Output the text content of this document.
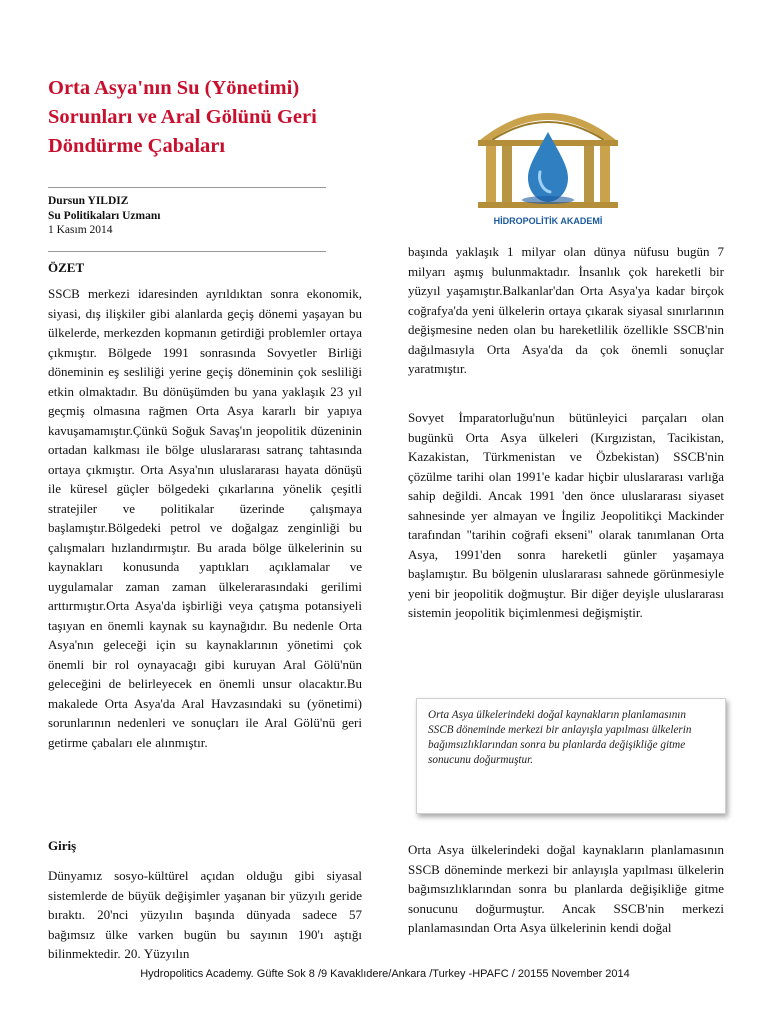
Orta Asya'nın Su (Yönetimi) Sorunları ve Aral Gölünü Geri Döndürme Çabaları
HİDROPOLİTİK AKADEMİ
Dursun YILDIZ
Su Politikaları Uzmanı
1 Kasım 2014
ÖZET

SSCB merkezi idaresinden ayrıldıktan sonra ekonomik, siyasi, dış ilişkiler gibi alanlarda geçiş dönemi yaşayan bu ülkelerde, merkezden kopmanın getirdiği problemler ortaya çıkmıştır. Bölgede 1991 sonrasında Sovyetler Birliği döneminin eş sesliliği yerine geçiş döneminin çok sesliliği etkin olmaktadır. Bu dönüşümden bu yana yaklaşık 23 yıl geçmiş olmasına rağmen Orta Asya kararlı bir yapıya kavuşamamıştır.Çünkü Soğuk Savaş'ın jeopolitik düzeninin ortadan kalkması ile bölge uluslararası satranç tahtasında ortaya çıkmıştır. Orta Asya'nın uluslararası hayata dönüşü ile küresel güçler bölgedeki çıkarlarına yönelik çeşitli stratejiler ve politikalar üzerinde çalışmaya başlamıştır.Bölgedeki petrol ve doğalgaz zenginliği bu çalışmaları hızlandırmıştır. Bu arada bölge ülkelerinin su kaynakları konusunda yaptıkları açıklamalar ve uygulamalar zaman zaman ülkelerarasındaki gerilimi arttırmıştır.Orta Asya'da işbirliği veya çatışma potansiyeli taşıyan en önemli kaynak su kaynağıdır. Bu nedenle Orta Asya'nın geleceği için su kaynaklarının yönetimi çok önemli bir rol oynayacağı gibi kuruyan Aral Gölü'nün geleceğini de belirleyecek en önemli unsur olacaktır.Bu makalede Orta Asya'da Aral Havzasındaki su (yönetimi) sorunlarının nedenleri ve sonuçları ile Aral Gölü'nü geri getirme çabaları ele alınmıştır.

Giriş

Dünyamız sosyo-kültürel açıdan olduğu gibi siyasal sistemlerde de büyük değişimler yaşanan bir yüzyılı geride bıraktı. 20'nci yüzyılın başında dünyada sadece 57 bağımsız ülke varken bugün bu sayının 190'ı aştığı bilinmektedir. 20. Yüzyılın

başında yaklaşık 1 milyar olan dünya nüfusu bugün 7 milyarı aşmış bulunmaktadır. İnsanlık çok hareketli bir yüzyıl yaşamıştır.Balkanlar'dan Orta Asya'ya kadar birçok coğrafya'da yeni ülkelerin ortaya çıkarak siyasal sınırlarının değişmesine neden olan bu hareketlilik özellikle SSCB'nin dağılmasıyla Orta Asya'da da çok önemli sonuçlar yaratmıştır.

Sovyet İmparatorluğu'nun bütünleyici parçaları olan bugünkü Orta Asya ülkeleri (Kırgızistan, Tacikistan, Kazakistan, Türkmenistan ve Özbekistan) SSCB'nin çözülme tarihi olan 1991'e kadar hiçbir uluslararası varlığa sahip değildi. Ancak 1991 'den önce uluslararası siyaset sahnesinde yer almayan ve İngiliz Jeopolitikçi Mackinder tarafından "tarihin coğrafi ekseni" olarak tanımlanan Orta Asya, 1991'den sonra hareketli günler yaşamaya başlamıştır. Bu bölgenin uluslararası sahnede görünmesiyle yeni bir jeopolitik doğmuştur. Bir diğer deyişle uluslararası sistemin jeopolitik biçimlenmesi değişmiştir.

Orta Asya ülkelerindeki doğal kaynakların planlamasının SSCB döneminde merkezi bir anlayışla yapılması ülkelerin bağımsızlıklarından sonra bu planlarda değişikliğe gitme sonucunu doğurmuştur.

Orta Asya ülkelerindeki doğal kaynakların planlamasının SSCB döneminde merkezi bir anlayışla yapılması ülkelerin bağımsızlıklarından sonra bu planlarda değişikliğe gitme sonucunu doğurmuştur. Ancak SSCB'nin merkezi planlamasından Orta Asya ülkelerinin kendi doğal

Hydropolitics Academy. Güfte Sok 8 /9 Kavaklıdere/Ankara /Turkey -HPAFC / 20155 November 2014
